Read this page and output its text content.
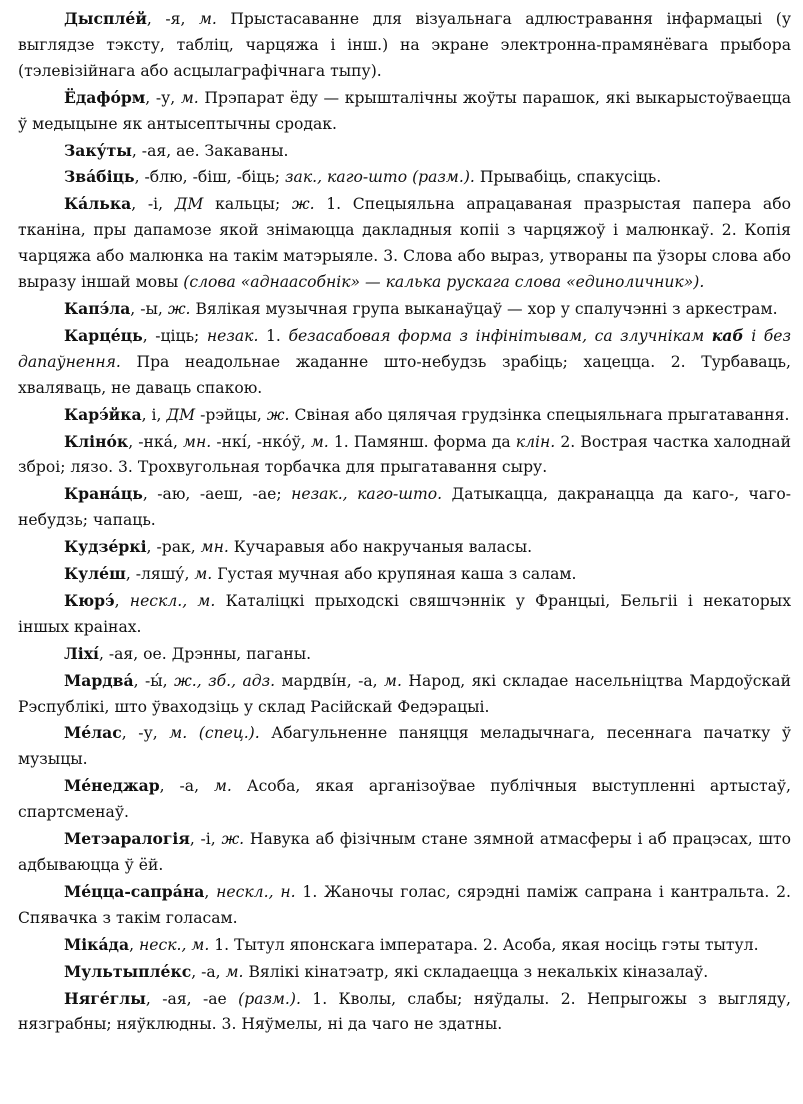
Дыспле́й, -я, м. Прыстасаванне для візуальнага адлюстравання інфармацыі (у выглядзе тэксту, табліц, чарцяжа і інш.) на экране электронна-прамянёвага прыбора (тэлевізійнага або асцылаграфічнага тыпу).

Ёдафо́рм, -у, м. Прэпарат ёду — крышталічны жоўты парашок, які выкарыстоўваецца ў медыцыне як антысептычны сродак.

Заку́ты, -ая, ае. Закаваны.

Зва́біць, -блю, -біш, -біць; зак., каго-што (разм.). Прывабіць, спакусіць.

Ка́лька, -і, ДМ кальцы; ж. 1. Спецыяльна апрацаваная празрыстая папера або тканіна, пры дапамозе якой знімаюцца дакладныя копіі з чарцяжоў і малюнкаў. 2. Копія чарцяжа або малюнка на такім матэрыяле. 3. Слова або выраз, утвораны па ўзоры слова або выразу іншай мовы (слова «аднаасобнік» — калька рускага слова «единоличник»).

Капэ́ла, -ы, ж. Вялікая музычная група выканаўцаў — хор у спалучэнні з аркестрам.

Карце́ць, -ціць; незак. 1. безасабовая форма з інфінітывам, са злучнікам каб і без дапаўнення. Пра неадольнае жаданне што-небудзь зрабіць; хацецца. 2. Турбаваць, хваляваць, не даваць спакою.

Карэ́йка, і, ДМ -рэйцы, ж. Свіная або цялячая грудзінка спецыяльнага прыгатавання.

Кліно́к, -нка́, мн. -нкі́, -нко́ў, м. 1. Памянш. форма да клін. 2. Вострая частка халоднай зброі; лязо. 3. Трохвугольная торбачка для прыгатавання сыру.

Крана́ць, -аю, -аеш, -ае; незак., каго-што. Датыкацца, дакранацца да каго-, чаго-небудзь; чапаць.

Кудзе́ркі, -рак, мн. Кучаравыя або накручаныя валасы.

Куле́ш, -ляшу́, м. Густая мучная або крупяная каша з салам.

Кюрэ́, нескл., м. Каталіцкі прыходскі свяшчэннік у Францыі, Бельгіі і некаторых іншых краінах.

Ліхі́, -ая, ое. Дрэнны, паганы.

Мардва́, -ы́, ж., зб., адз. мардві́н, -а, м. Народ, які складае насельніцтва Мардоўскай Рэспублікі, што ўваходзіць у склад Расійскай Федэрацыі.

Ме́лас, -у, м. (спец.). Абагульненне паняцця меладычнага, песеннага пачатку ў музыцы.

Ме́неджар, -а, м. Асоба, якая арганізоўвае публічныя выступленні артыстаў, спартсменаў.

Метэаралогія, -і, ж. Навука аб фізічным стане зямной атмасферы і аб працэсах, што адбываюцца ў ёй.

Ме́цца-сапра́на, нескл., н. 1. Жаночы голас, сярэдні паміж сапрана і кантральта. 2. Спявачка з такім голасам.

Міка́да, неск., м. 1. Тытул японскага імператара. 2. Асоба, якая носіць гэты тытул.

Мультыпле́кс, -а, м. Вялікі кінатэатр, які складаецца з некалькіх кіназалаў.

Няге́глы, -ая, -ае (разм.). 1. Кволы, слабы; няўдалы. 2. Непрыгожы з выгляду, нязграбны; няўклюдны. 3. Няўмелы, ні да чаго не здатны.
